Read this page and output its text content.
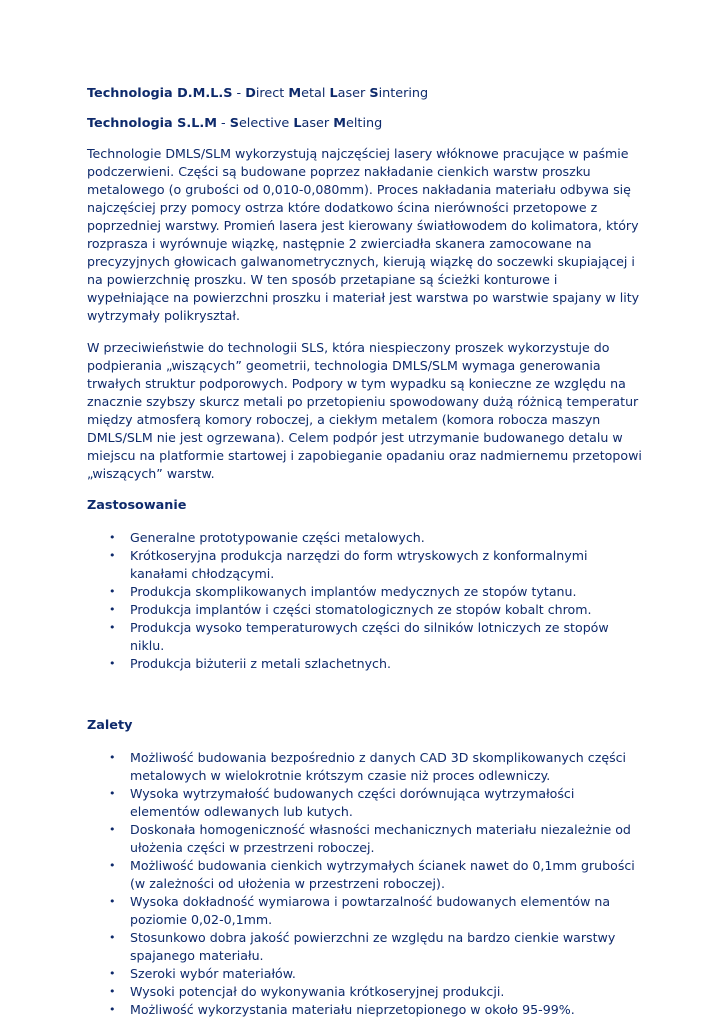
Technologia D.M.L.S - Direct Metal Laser Sintering

Technologia S.L.M - Selective Laser Melting

Technologie DMLS/SLM wykorzystują najczęściej lasery włóknowe pracujące w paśmie podczerwieni. Części są budowane poprzez nakładanie cienkich warstw proszku metalowego (o grubości od 0,010-0,080mm). Proces nakładania materiału odbywa się najczęściej przy pomocy ostrza które dodatkowo ścina nierówności przetopowe z poprzedniej warstwy. Promień lasera jest kierowany światłowodem do kolimatora, który rozprasza i wyrównuje wiązkę, następnie 2 zwierciadła skanera zamocowane na precyzyjnych głowicach galwanometrycznych, kierują wiązkę do soczewki skupiającej i na powierzchnię proszku. W ten sposób przetapiane są ścieżki konturowe i wypełniające na powierzchni proszku i materiał jest warstwa po warstwie spajany w lity wytrzymały polikryształ.

W przeciwieństwie do technologii SLS, która niespieczony proszek wykorzystuje do podpierania „wiszących” geometrii, technologia DMLS/SLM wymaga generowania trwałych struktur podporowych. Podpory w tym wypadku są konieczne ze względu na znacznie szybszy skurcz metali po przetopieniu spowodowany dużą różnicą temperatur między atmosferą komory roboczej, a ciekłym metalem (komora robocza maszyn DMLS/SLM nie jest ogrzewana). Celem podpór jest utrzymanie budowanego detalu w miejscu na platformie startowej i zapobieganie opadaniu oraz nadmiernemu przetopowi „wiszących” warstw.

Zastosowanie

• Generalne prototypowanie części metalowych.
• Krótkoseryjna produkcja narzędzi do form wtryskowych z konformalnymi kanałami chłodzącymi.
• Produkcja skomplikowanych implantów medycznych ze stopów tytanu.
• Produkcja implantów i części stomatologicznych ze stopów kobalt chrom.
• Produkcja wysoko temperaturowych części do silników lotniczych ze stopów niklu.
• Produkcja biżuterii z metali szlachetnych.

Zalety

• Możliwość budowania bezpośrednio z danych CAD 3D skomplikowanych części metalowych w wielokrotnie krótszym czasie niż proces odlewniczy.
• Wysoka wytrzymałość budowanych części dorównująca wytrzymałości elementów odlewanych lub kutych.
• Doskonała homogeniczność własności mechanicznych materiału niezależnie od ułożenia części w przestrzeni roboczej.
• Możliwość budowania cienkich wytrzymałych ścianek nawet do 0,1mm grubości (w zależności od ułożenia w przestrzeni roboczej).
• Wysoka dokładność wymiarowa i powtarzalność budowanych elementów na poziomie 0,02-0,1mm.
• Stosunkowo dobra jakość powierzchni ze względu na bardzo cienkie warstwy spajanego materiału.
• Szeroki wybór materiałów.
• Wysoki potencjał do wykonywania krótkoseryjnej produkcji.
• Możliwość wykorzystania materiału nieprzetopionego w około 95-99%.
